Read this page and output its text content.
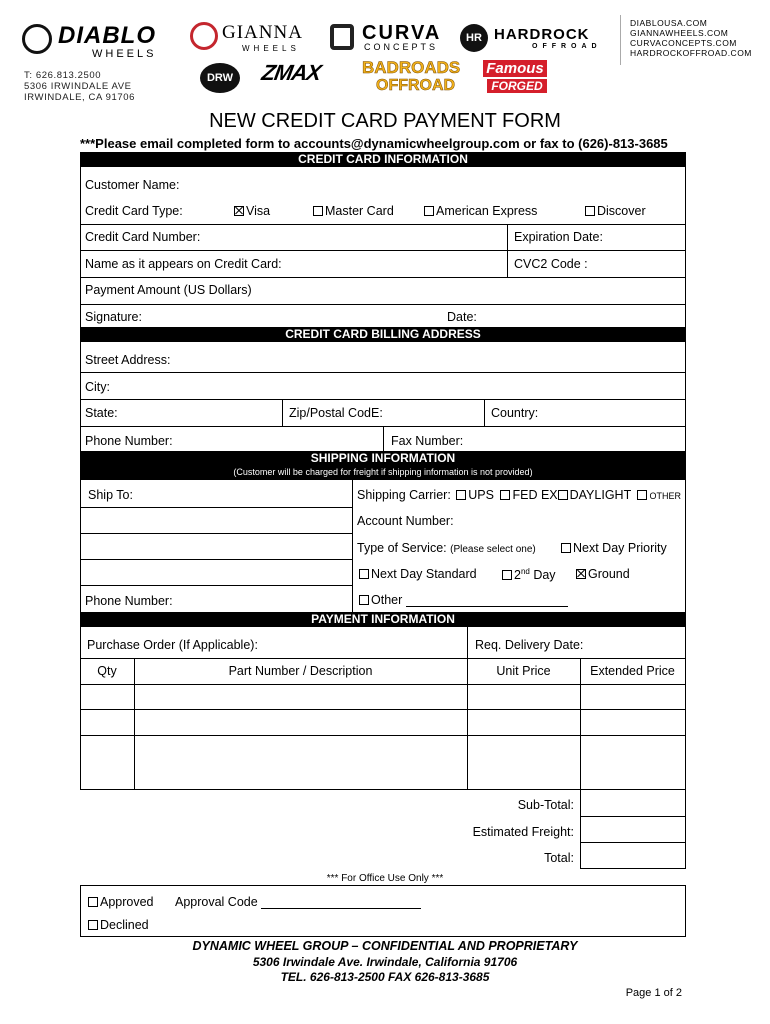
DIABLO
WHEELS
GIANNA
WHEELS
CURVA
CONCEPTS
HR HARDROCK
OFFROAD
DIABLOUSA.COM
GIANNAWHEELS.COM
CURVACONCEPTS.COM
HARDROCKOFFROAD.COM
T: 626.813.2500
5306 IRWINDALE AVE
IRWINDALE, CA 91706
DRW	ZMAX BADROADS
OFFROAD
Famous
FORGED
NEW CREDIT CARD PAYMENT FORM
***Please email completed form to accounts@dynamicwheelgroup.com or fax to (626)-813-3685
CREDIT CARD INFORMATION
Customer Name:
Credit Card Type:	Visa	Master Card	American Express	Discover
Credit Card Number:	Expiration Date:
Name as it appears on Credit Card:	CVC2 Code :
Payment Amount (US Dollars)
Signature:	Date:
CREDIT CARD BILLING ADDRESS
Street Address:
City:
State:	Zip/Postal CodE:	Country:
Phone Number:	Fax Number:
SHIPPING INFORMATION
(Customer will be charged for freight if shipping information is not provided)
Ship To:
Phone Number:
Shipping Carrier: UPS FED EX DAYLIGHT OTHER
Account Number:
Type of Service: (Please select one)	Next Day Priority
Next Day Standard	2nd Day	Ground
Other
PAYMENT INFORMATION
Purchase Order (If Applicable):	Req. Delivery Date:
Qty	Part Number / Description	Unit Price	Extended Price
Sub-Total:
Estimated Freight:
Total:
*** For Office Use Only ***
Approved Approval Code
Declined
DYNAMIC WHEEL GROUP – CONFIDENTIAL AND PROPRIETARY
5306 Irwindale Ave. Irwindale, California 91706
TEL. 626-813-2500 FAX 626-813-3685
Page 1 of 2
